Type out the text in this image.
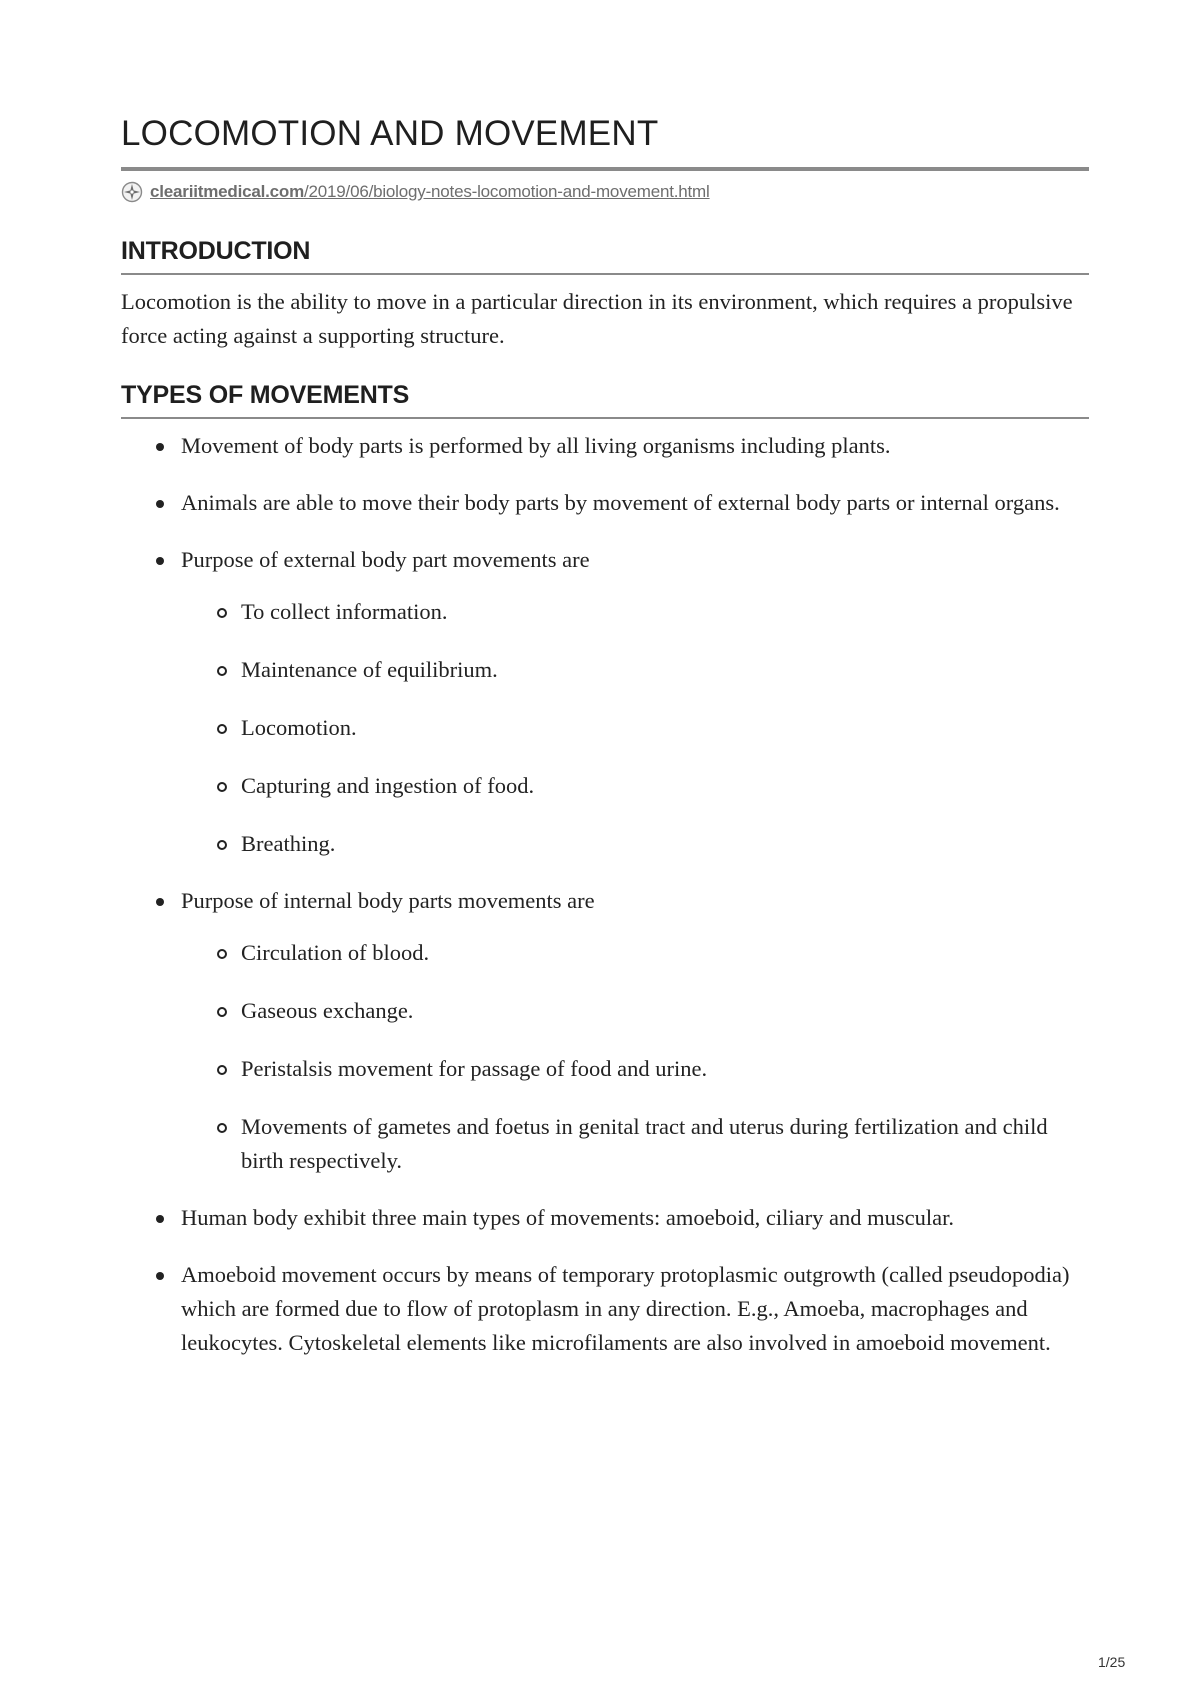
LOCOMOTION AND MOVEMENT
cleariitmedical.com/2019/06/biology-notes-locomotion-and-movement.html
INTRODUCTION

Locomotion is the ability to move in a particular direction in its environment, which requires a propulsive force acting against a supporting structure.

TYPES OF MOVEMENTS
Movement of body parts is performed by all living organisms including plants.
Animals are able to move their body parts by movement of external body parts or internal organs.
Purpose of external body part movements are
To collect information.
Maintenance of equilibrium.
Locomotion.
Capturing and ingestion of food.
Breathing.
Purpose of internal body parts movements are
Circulation of blood.
Gaseous exchange.
Peristalsis movement for passage of food and urine.
Movements of gametes and foetus in genital tract and uterus during fertilization and child birth respectively.
Human body exhibit three main types of movements: amoeboid, ciliary and muscular.
Amoeboid movement occurs by means of temporary protoplasmic outgrowth (called pseudopodia) which are formed due to flow of protoplasm in any direction. E.g., Amoeba, macrophages and leukocytes. Cytoskeletal elements like microfilaments are also involved in amoeboid movement.
1/25
